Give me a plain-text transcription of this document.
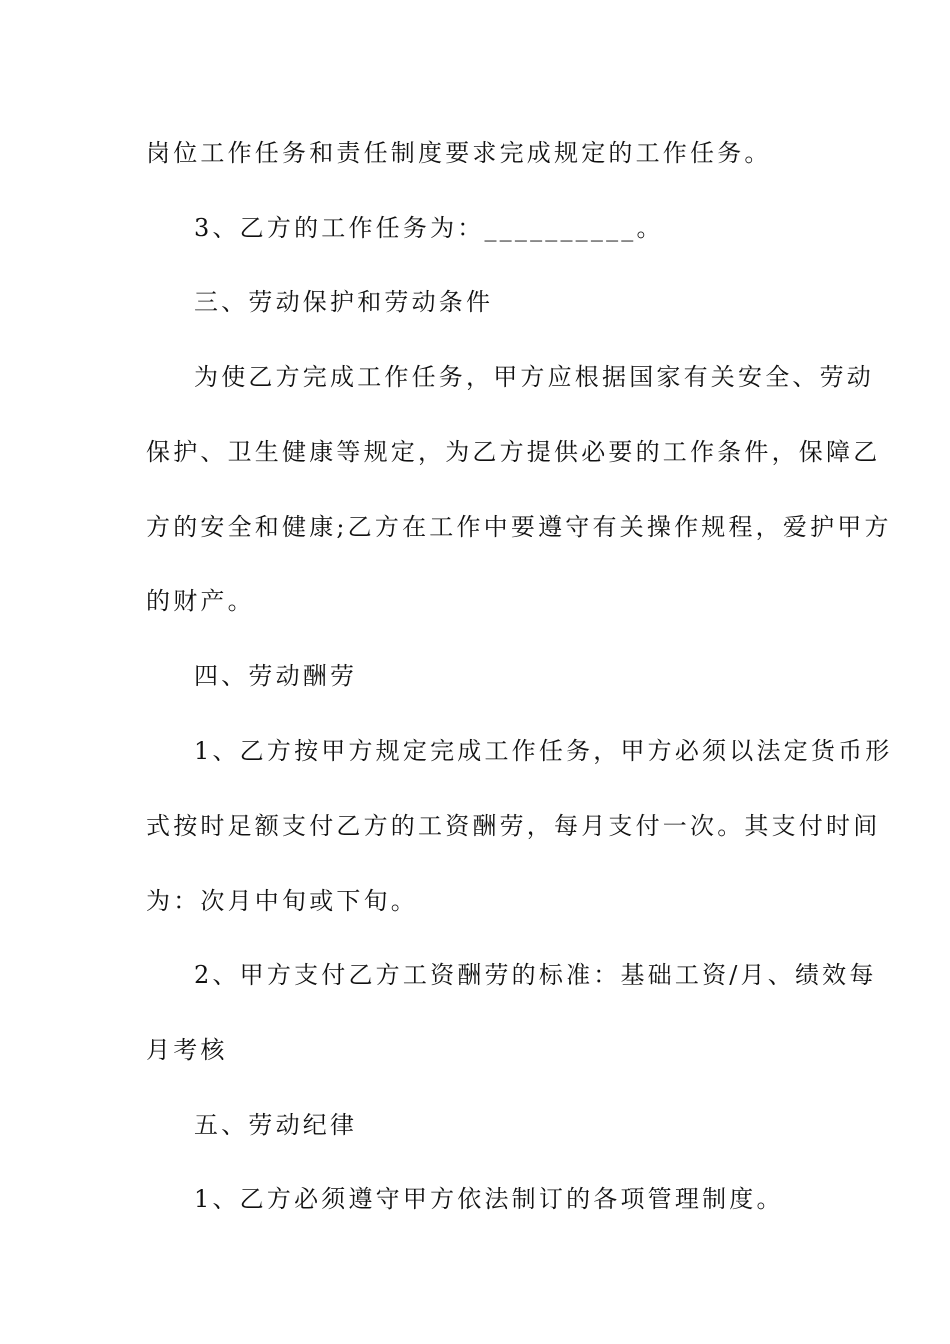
岗位工作任务和责任制度要求完成规定的工作任务。
3、乙方的工作任务为：__________。
三、劳动保护和劳动条件
为使乙方完成工作任务，甲方应根据国家有关安全、劳动
保护、卫生健康等规定，为乙方提供必要的工作条件，保障乙
方的安全和健康;乙方在工作中要遵守有关操作规程，爱护甲方
的财产。
四、劳动酬劳
1、乙方按甲方规定完成工作任务，甲方必须以法定货币形
式按时足额支付乙方的工资酬劳，每月支付一次。其支付时间
为：次月中旬或下旬。
2、甲方支付乙方工资酬劳的标准：基础工资/月、绩效每
月考核
五、劳动纪律
1、乙方必须遵守甲方依法制订的各项管理制度。
